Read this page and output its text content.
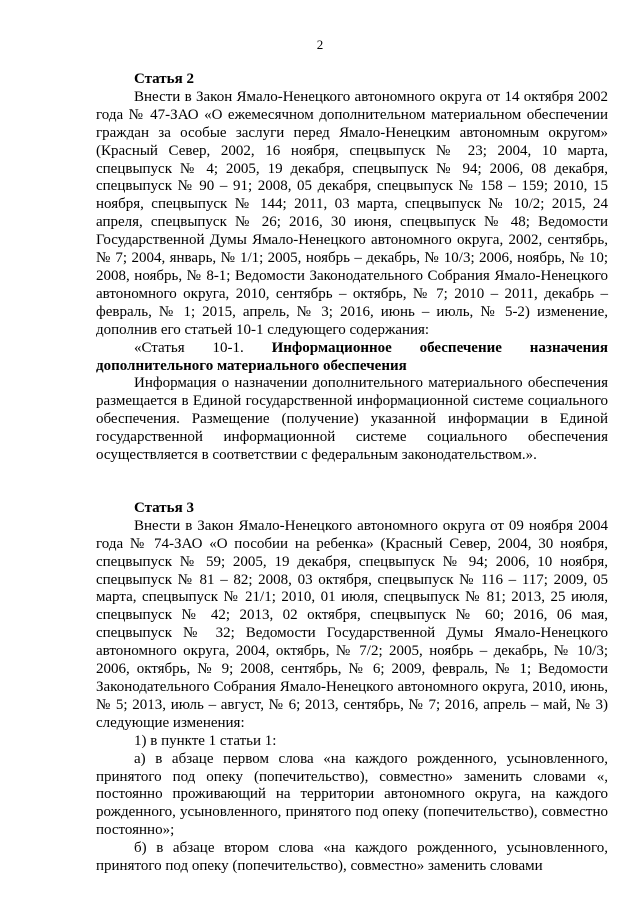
2
Статья 2

Внести в Закон Ямало-Ненецкого автономного округа от 14 октября 2002 года № 47-ЗАО «О ежемесячном дополнительном материальном обеспечении граждан за особые заслуги перед Ямало-Ненецким автономным округом» (Красный Север, 2002, 16 ноября, спецвыпуск № 23; 2004, 10 марта, спецвыпуск № 4; 2005, 19 декабря, спецвыпуск № 94; 2006, 08 декабря, спецвыпуск № 90 – 91; 2008, 05 декабря, спецвыпуск № 158 – 159; 2010, 15 ноября, спецвыпуск № 144; 2011, 03 марта, спецвыпуск № 10/2; 2015, 24 апреля, спецвыпуск № 26; 2016, 30 июня, спецвыпуск № 48; Ведомости Государственной Думы Ямало-Ненецкого автономного округа, 2002, сентябрь, № 7; 2004, январь, № 1/1; 2005, ноябрь – декабрь, № 10/3; 2006, ноябрь, № 10; 2008, ноябрь, № 8-1; Ведомости Законодательного Собрания Ямало-Ненецкого автономного округа, 2010, сентябрь – октябрь, № 7; 2010 – 2011, декабрь – февраль, № 1; 2015, апрель, № 3; 2016, июнь – июль, № 5-2) изменение, дополнив его статьей 10-1 следующего содержания:

«Статья 10-1. Информационное обеспечение назначения

дополнительного материального обеспечения

Информация о назначении дополнительного материального обеспечения размещается в Единой государственной информационной системе социального обеспечения. Размещение (получение) указанной информации в Единой государственной информационной системе социального обеспечения осуществляется в соответствии с федеральным законодательством.».

Статья 3

Внести в Закон Ямало-Ненецкого автономного округа от 09 ноября 2004 года № 74-ЗАО «О пособии на ребенка» (Красный Север, 2004, 30 ноября, спецвыпуск № 59; 2005, 19 декабря, спецвыпуск № 94; 2006, 10 ноября, спецвыпуск № 81 – 82; 2008, 03 октября, спецвыпуск № 116 – 117; 2009, 05 марта, спецвыпуск № 21/1; 2010, 01 июля, спецвыпуск № 81; 2013, 25 июля, спецвыпуск № 42; 2013, 02 октября, спецвыпуск № 60; 2016, 06 мая, спецвыпуск № 32; Ведомости Государственной Думы Ямало-Ненецкого автономного округа, 2004, октябрь, № 7/2; 2005, ноябрь – декабрь, № 10/3; 2006, октябрь, № 9; 2008, сентябрь, № 6; 2009, февраль, № 1; Ведомости Законодательного Собрания Ямало-Ненецкого автономного округа, 2010, июнь, № 5; 2013, июль – август, № 6; 2013, сентябрь, № 7; 2016, апрель – май, № 3) следующие изменения:

1) в пункте 1 статьи 1:

а) в абзаце первом слова «на каждого рожденного, усыновленного, принятого под опеку (попечительство), совместно» заменить словами «, постоянно проживающий на территории автономного округа, на каждого рожденного, усыновленного, принятого под опеку (попечительство), совместно постоянно»;

б) в абзаце втором слова «на каждого рожденного, усыновленного, принятого под опеку (попечительство), совместно» заменить словами
